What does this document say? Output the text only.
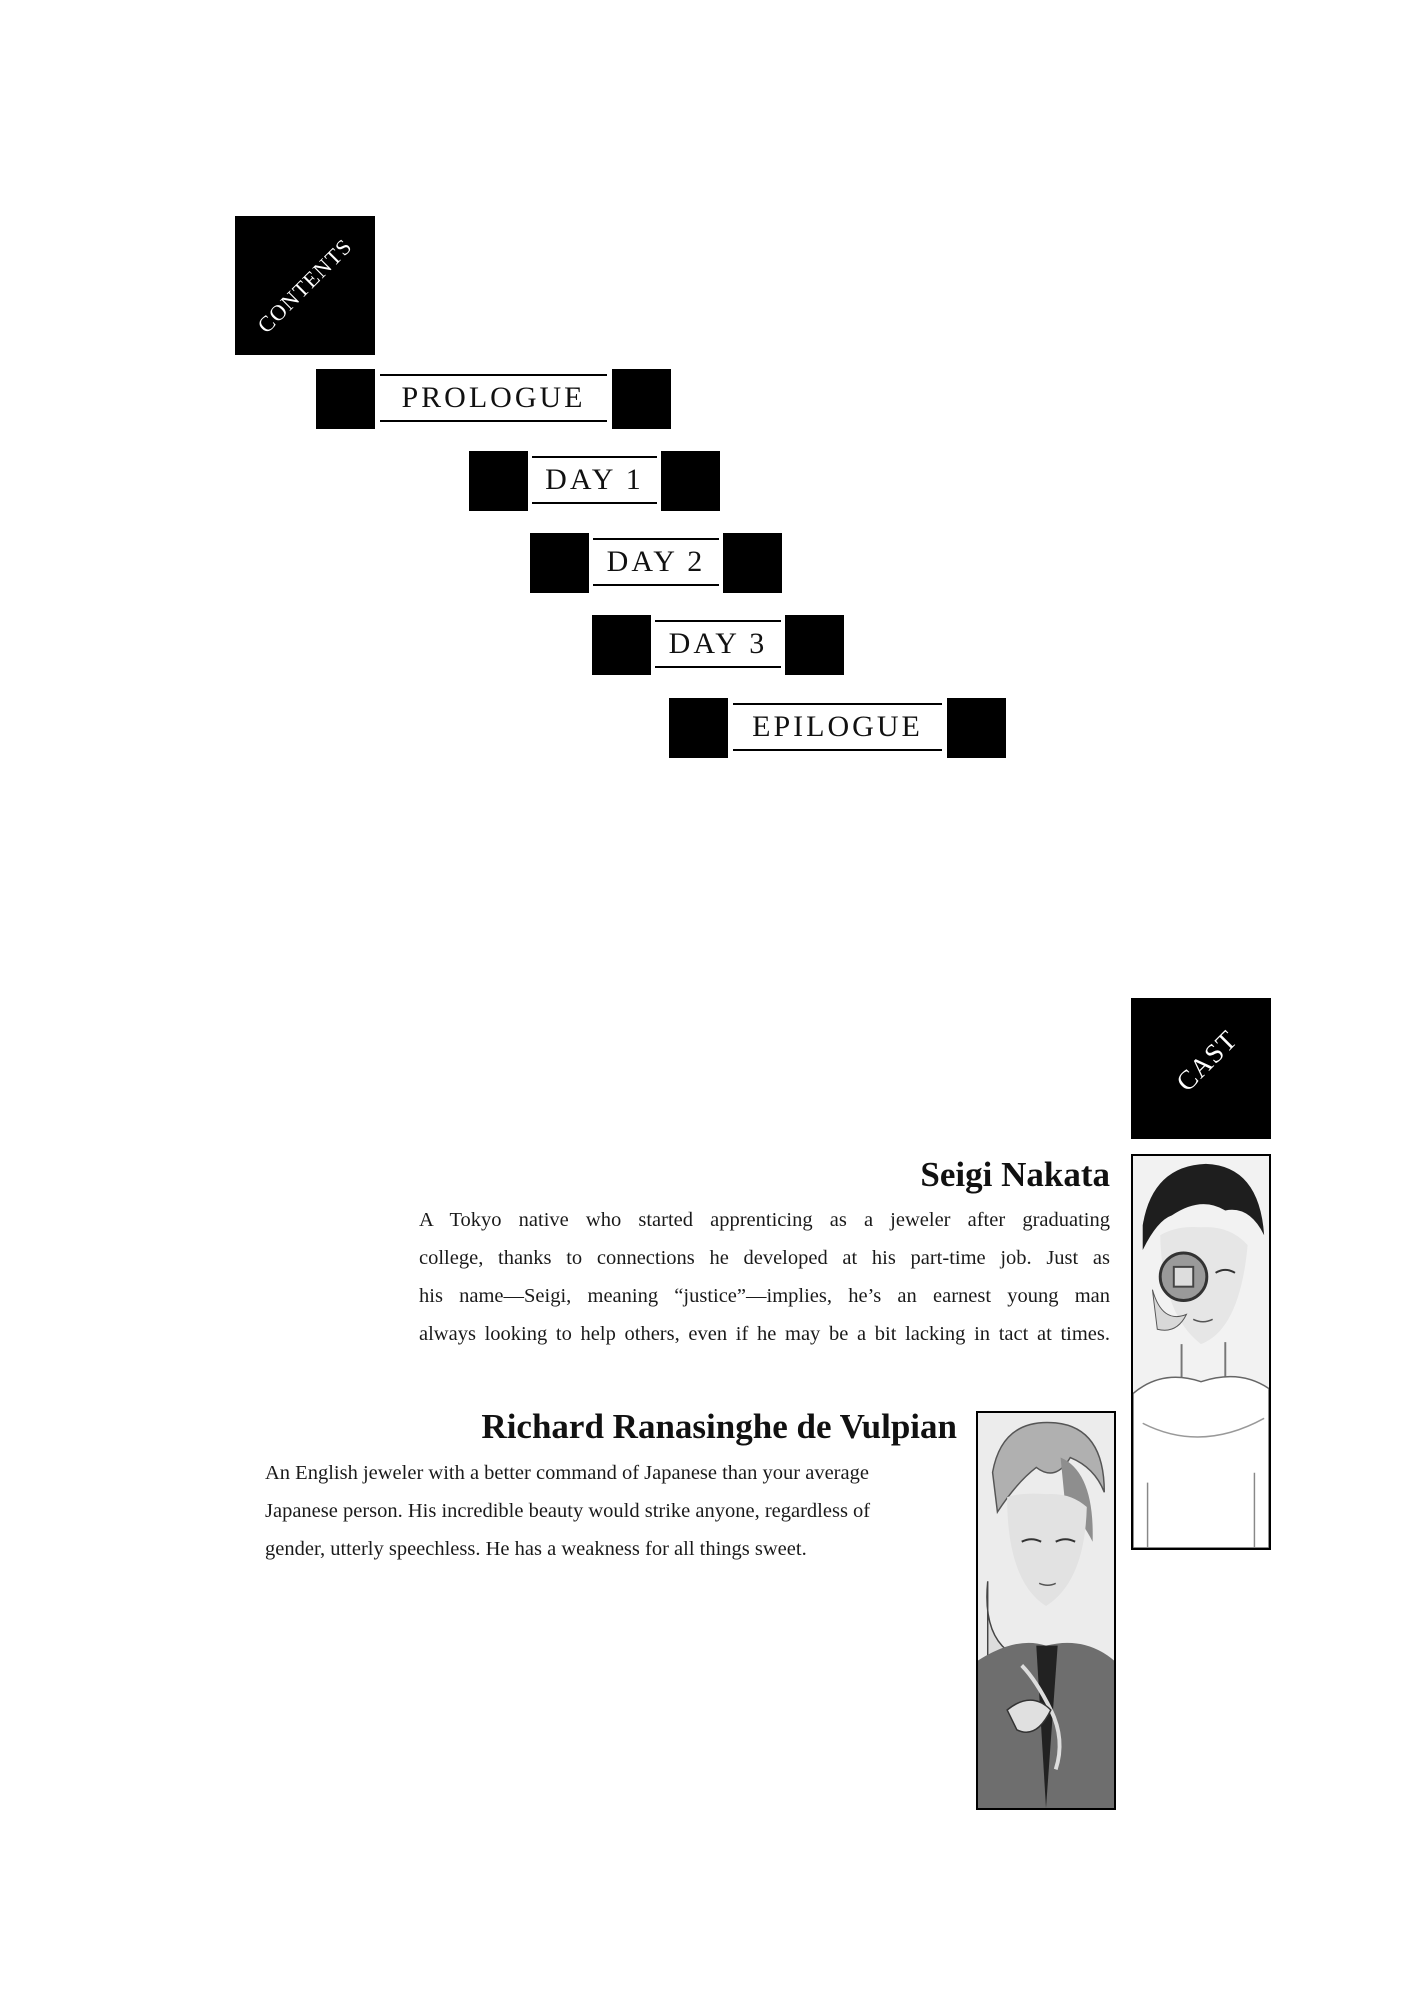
CONTENTS
PROLOGUE
DAY 1
DAY 2
DAY 3
EPILOGUE
CAST
Seigi Nakata
A Tokyo native who started apprenticing as a jeweler after graduating
college, thanks to connections he developed at his part-time job. Just as
his name—Seigi, meaning “justice”—implies, he’s an earnest young man
always looking to help others, even if he may be a bit lacking in tact at times.
Richard Ranasinghe de Vulpian
An English jeweler with a better command of Japanese than your average
Japanese person. His incredible beauty would strike anyone, regardless of
gender, utterly speechless. He has a weakness for all things sweet.
